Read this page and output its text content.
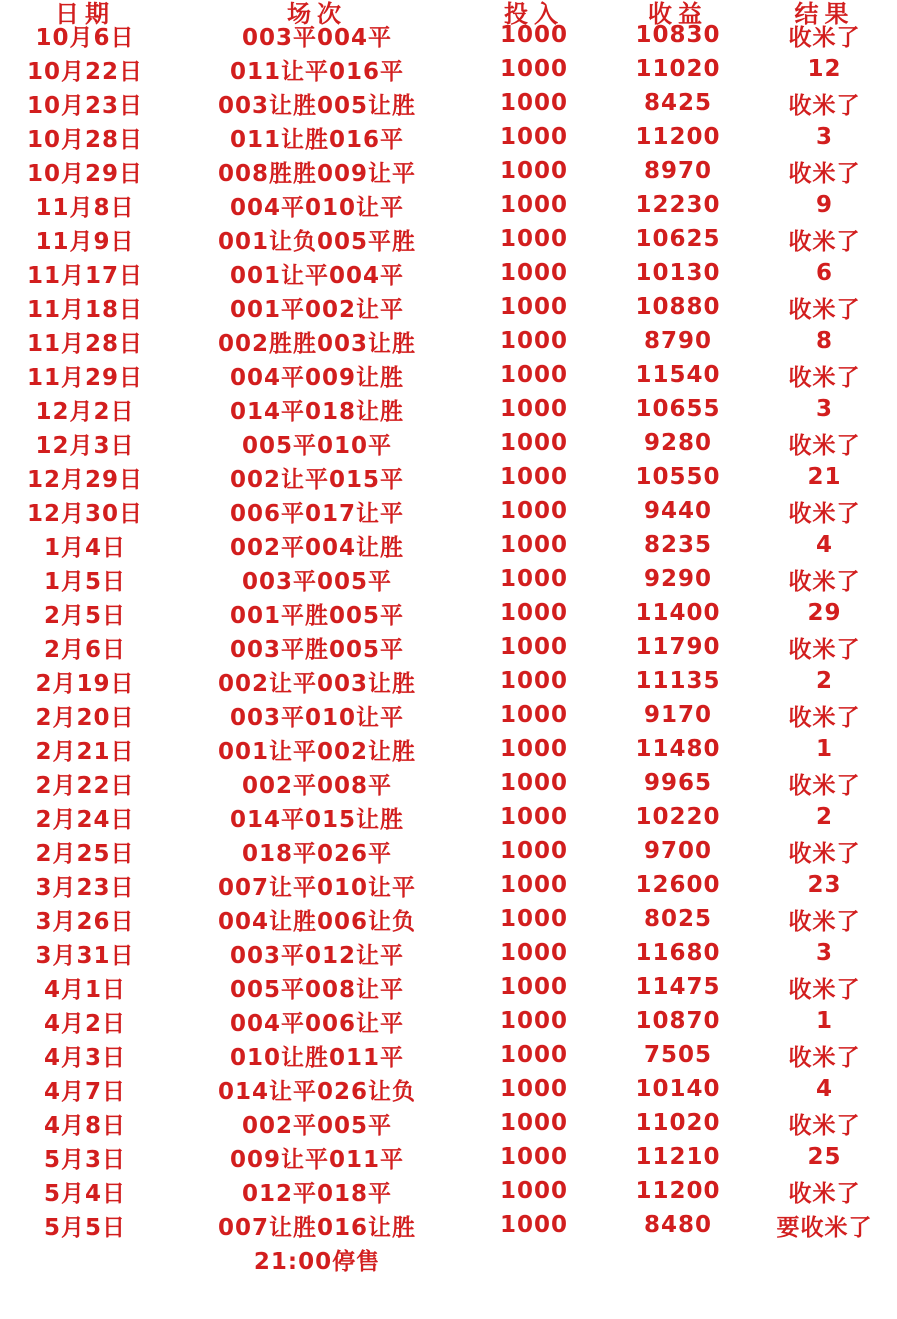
日期	场次	投入	收益	结果
10月6日	003平004平	1000	10830	收米了
10月22日	011让平016平	1000	11020	12
10月23日	003让胜005让胜	1000	8425	收米了
10月28日	011让胜016平	1000	11200	3
10月29日	008胜胜009让平	1000	8970	收米了
11月8日	004平010让平	1000	12230	9
11月9日	001让负005平胜	1000	10625	收米了
11月17日	001让平004平	1000	10130	6
11月18日	001平002让平	1000	10880	收米了
11月28日	002胜胜003让胜	1000	8790	8
11月29日	004平009让胜	1000	11540	收米了
12月2日	014平018让胜	1000	10655	3
12月3日	005平010平	1000	9280	收米了
12月29日	002让平015平	1000	10550	21
12月30日	006平017让平	1000	9440	收米了
1月4日	002平004让胜	1000	8235	4
1月5日	003平005平	1000	9290	收米了
2月5日	001平胜005平	1000	11400	29
2月6日	003平胜005平	1000	11790	收米了
2月19日	002让平003让胜	1000	11135	2
2月20日	003平010让平	1000	9170	收米了
2月21日	001让平002让胜	1000	11480	1
2月22日	002平008平	1000	9965	收米了
2月24日	014平015让胜	1000	10220	2
2月25日	018平026平	1000	9700	收米了
3月23日	007让平010让平	1000	12600	23
3月26日	004让胜006让负	1000	8025	收米了
3月31日	003平012让平	1000	11680	3
4月1日	005平008让平	1000	11475	收米了
4月2日	004平006让平	1000	10870	1
4月3日	010让胜011平	1000	7505	收米了
4月7日	014让平026让负	1000	10140	4
4月8日	002平005平	1000	11020	收米了
5月3日	009让平011平	1000	11210	25
5月4日	012平018平	1000	11200	收米了
5月5日	007让胜016让胜	1000	8480	要收米了
21:00停售
